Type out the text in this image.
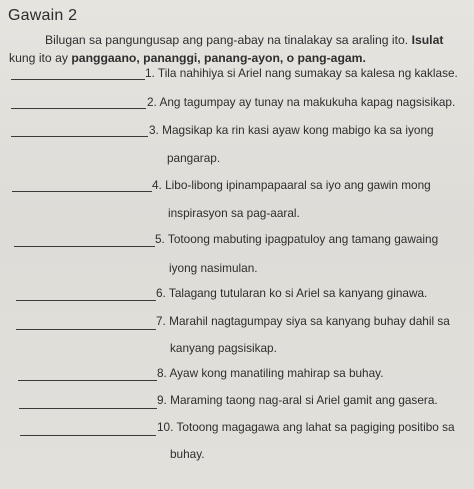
Gawain 2
Bilugan sa pangungusap ang pang-abay na tinalakay sa araling ito. Isulat kung ito ay panggaano, pananggi, panang-ayon, o pang-agam.
1. Tila nahihiya si Ariel nang sumakay sa kalesa ng kaklase.
2. Ang tagumpay ay tunay na makukuha kapag nagsisikap.
3. Magsikap ka rin kasi ayaw kong mabigo ka sa iyong
pangarap.
4. Libo-libong ipinampapaaral sa iyo ang gawin mong
inspirasyon sa pag-aaral.
5. Totoong mabuting ipagpatuloy ang tamang gawaing
iyong nasimulan.
6. Talagang tutularan ko si Ariel sa kanyang ginawa.
7. Marahil nagtagumpay siya sa kanyang buhay dahil sa
kanyang pagsisikap.
8. Ayaw kong manatiling mahirap sa buhay.
9. Maraming taong nag-aral si Ariel gamit ang gasera.
10. Totoong magagawa ang lahat sa pagiging positibo sa
buhay.
